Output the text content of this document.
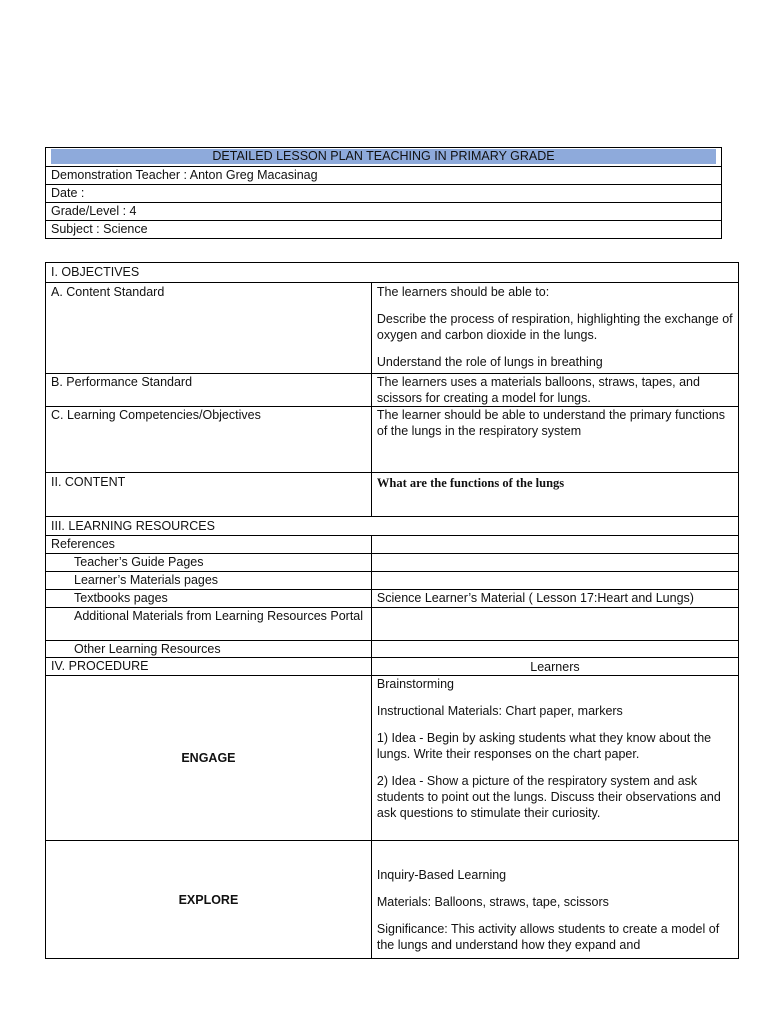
DETAILED LESSON PLAN TEACHING IN PRIMARY GRADE

Demonstration Teacher : Anton Greg Macasinag
Date :
Grade/Level : 4
Subject : Science
I. OBJECTIVES	
A. Content Standard	The learners should be able to:

Describe the process of respiration, highlighting the exchange of oxygen and carbon dioxide in the lungs.

Understand the role of lungs in breathing

B. Performance Standard	The learners uses a materials balloons, straws, tapes, and scissors for creating a model for lungs.
C. Learning Competencies/Objectives	The learner should be able to understand the primary functions of the lungs in the respiratory system
II. CONTENT	What are the functions of the lungs
III. LEARNING RESOURCES	
References	
Teacher’s Guide Pages	
Learner’s Materials pages	
Textbooks pages	Science Learner’s Material ( Lesson 17:Heart and Lungs)
Additional Materials from Learning Resources Portal	
Other Learning Resources	
IV. PROCEDURE	Learners
ENGAGE	Brainstorming

Instructional Materials: Chart paper, markers

1) Idea - Begin by asking students what they know about the lungs. Write their responses on the chart paper.

2) Idea - Show a picture of the respiratory system and ask students to point out the lungs. Discuss their observations and ask questions to stimulate their curiosity.

EXPLORE	Inquiry-Based Learning

Materials: Balloons, straws, tape, scissors

Significance: This activity allows students to create a model of the lungs and understand how they expand and
